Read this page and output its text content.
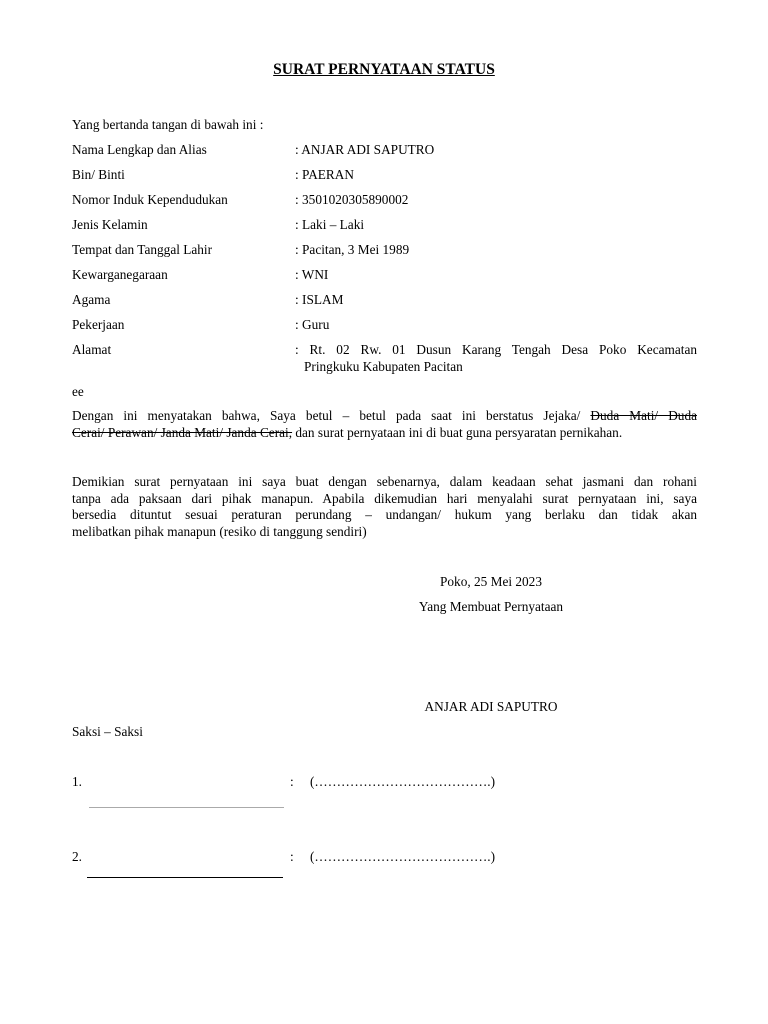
SURAT PERNYATAAN STATUS
Yang bertanda tangan di bawah ini :
Nama Lengkap dan Alias	: ANJAR ADI SAPUTRO
Bin/ Binti	: PAERAN
Nomor Induk Kependudukan	: 3501020305890002
Jenis Kelamin	: Laki – Laki
Tempat dan Tanggal Lahir	: Pacitan, 3 Mei 1989
Kewarganegaraan	: WNI
Agama	: ISLAM
Pekerjaan	: Guru
Alamat	: Rt. 02 Rw. 01 Dusun Karang Tengah Desa Poko Kecamatan
Pringkuku Kabupaten Pacitan
ee
Dengan ini menyatakan bahwa, Saya betul – betul pada saat ini berstatus Jejaka/ Duda Mati/ Duda
Cerai/ Perawan/ Janda Mati/ Janda Cerai, dan surat pernyataan ini di buat guna persyaratan pernikahan.
Demikian surat pernyataan ini saya buat dengan sebenarnya, dalam keadaan sehat jasmani dan rohani
tanpa ada paksaan dari pihak manapun. Apabila dikemudian hari menyalahi surat pernyataan ini, saya
bersedia dituntut sesuai peraturan perundang – undangan/ hukum yang berlaku dan tidak akan
melibatkan pihak manapun (resiko di tanggung sendiri)
Poko, 25 Mei 2023
Yang Membuat Pernyataan
ANJAR ADI SAPUTRO
Saksi – Saksi
1.	: (………………………………….)
2.	: (………………………………….)
